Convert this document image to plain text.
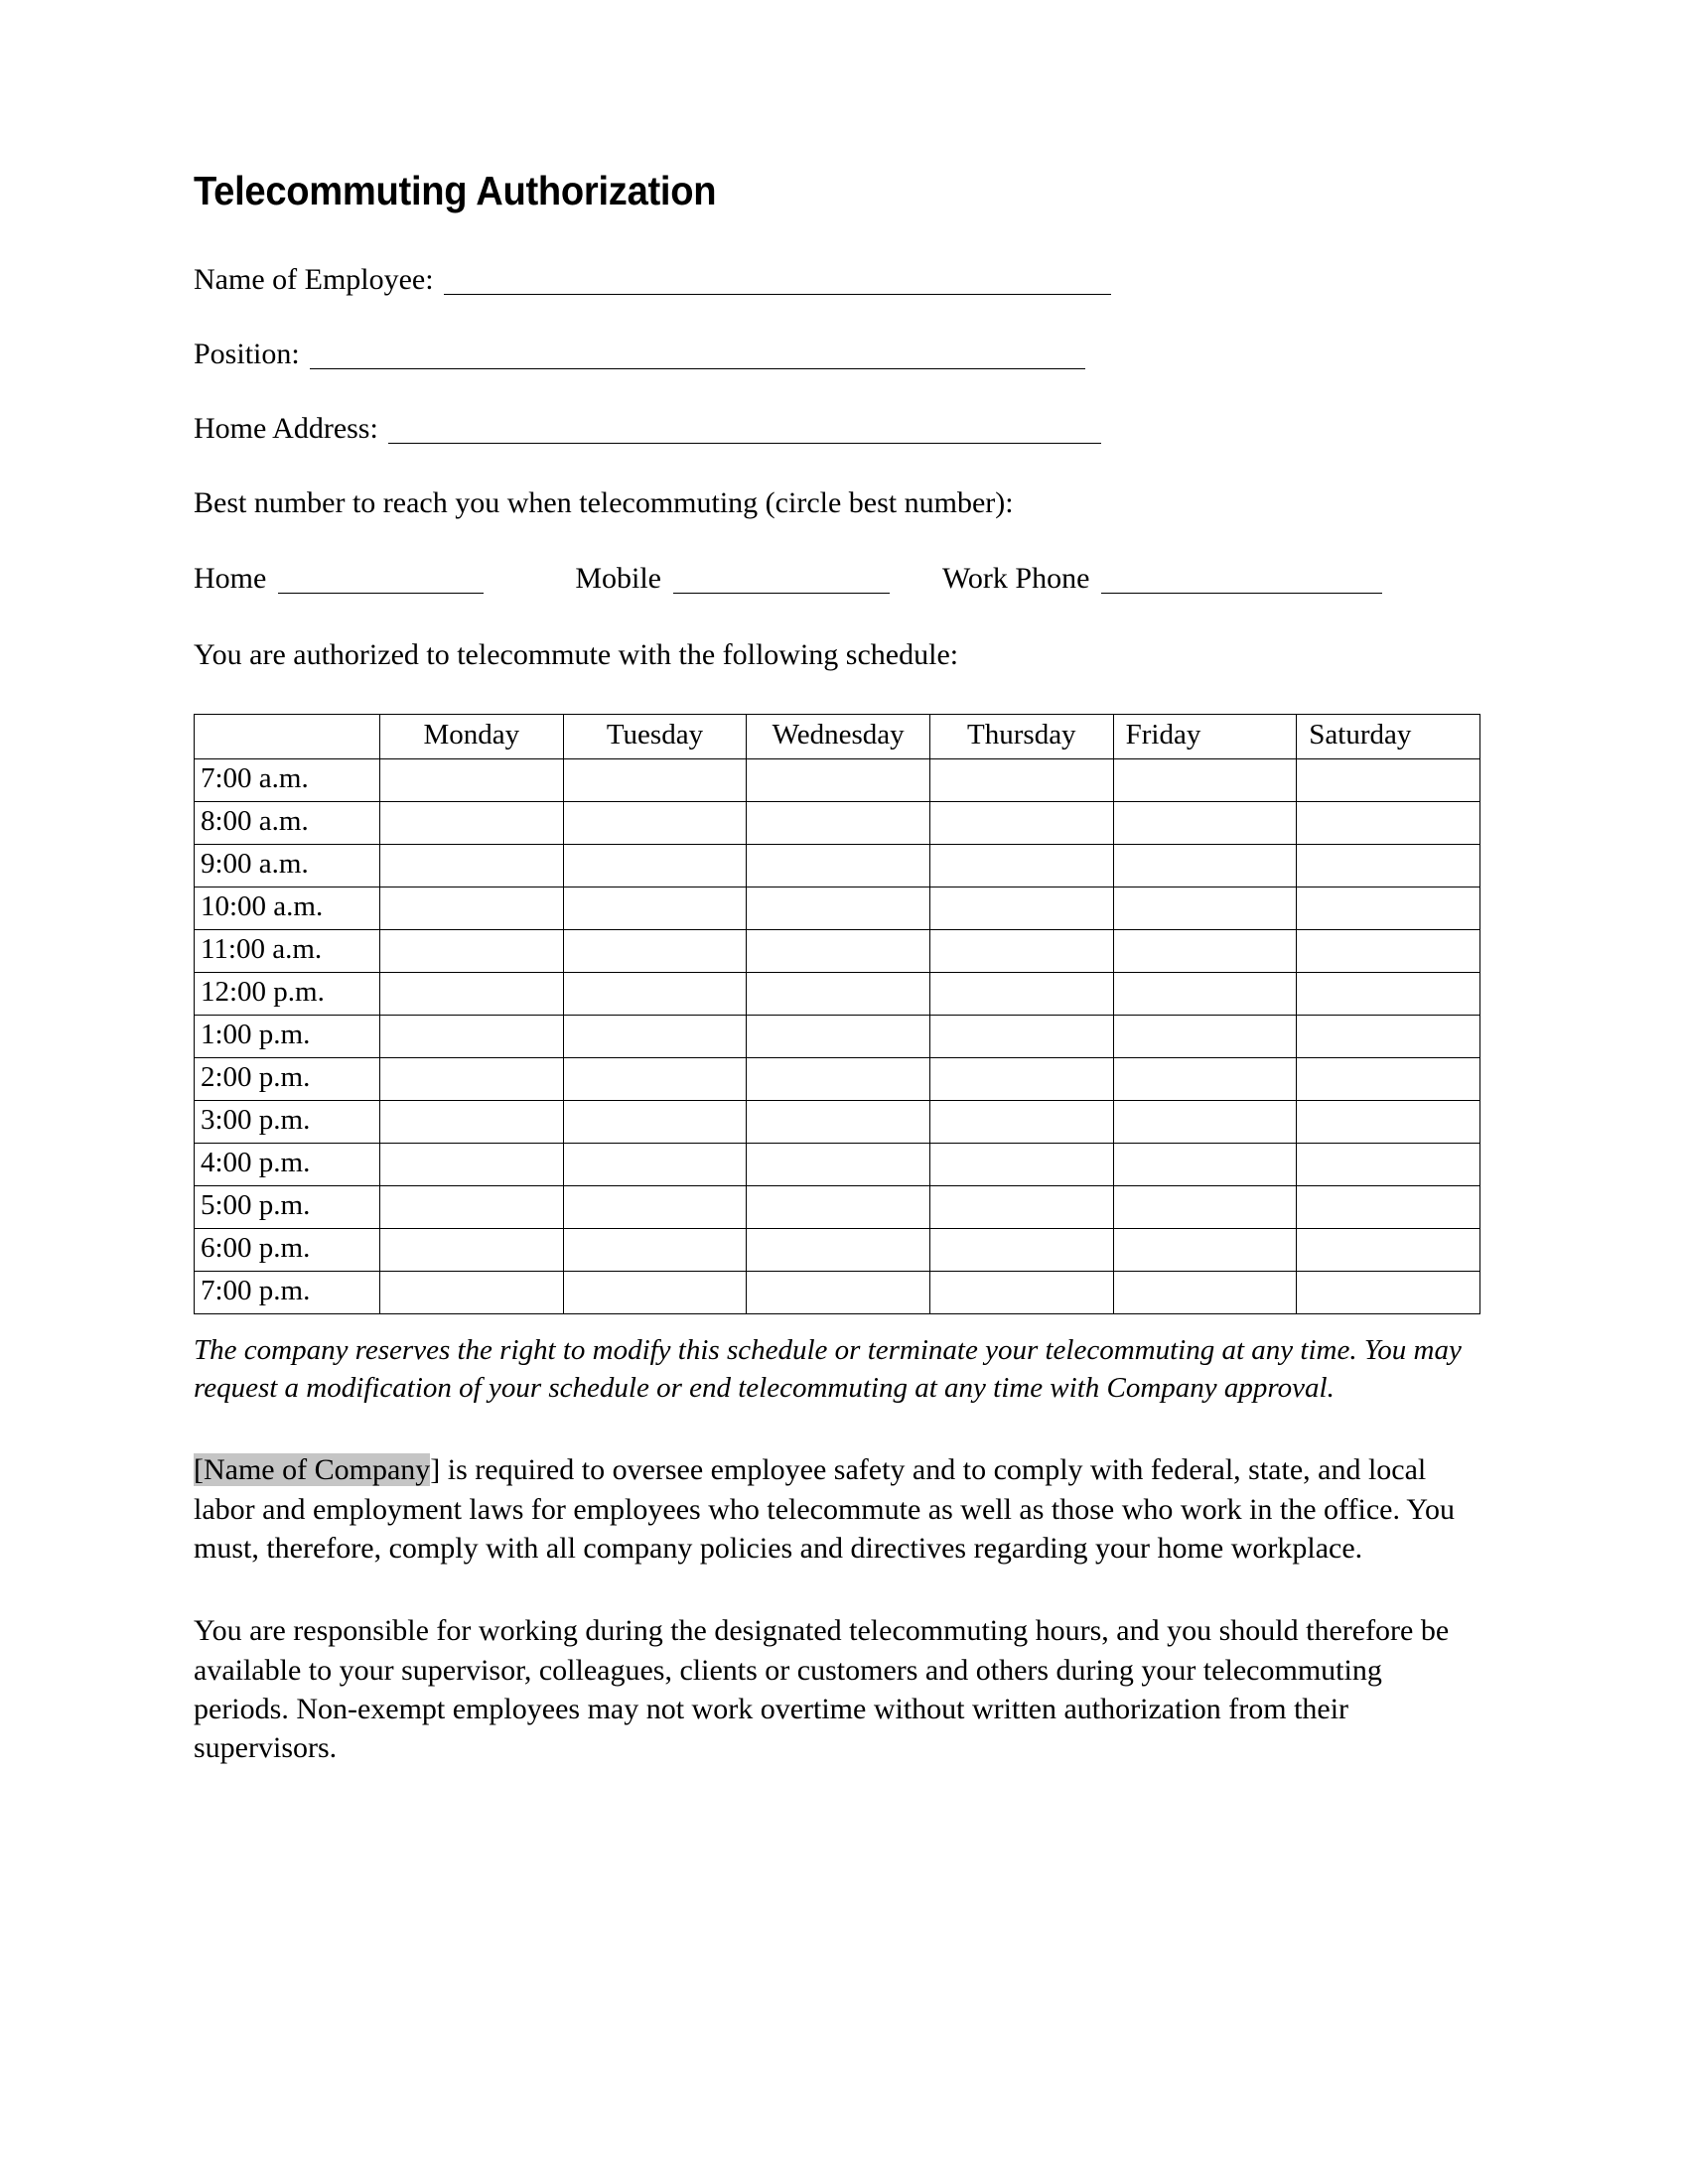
Telecommuting Authorization
Name of Employee:
Position:
Home Address:
Best number to reach you when telecommuting (circle best number):
Home	Mobile	Work Phone
You are authorized to telecommute with the following schedule:
	Monday	Tuesday	Wednesday	Thursday	Friday	Saturday
7:00 a.m.						
8:00 a.m.						
9:00 a.m.						
10:00 a.m.						
11:00 a.m.						
12:00 p.m.						
1:00 p.m.						
2:00 p.m.						
3:00 p.m.						
4:00 p.m.						
5:00 p.m.						
6:00 p.m.						
7:00 p.m.						
The company reserves the right to modify this schedule or terminate your telecommuting at any time. You may request a modification of your schedule or end telecommuting at any time with Company approval.
[Name of Company] is required to oversee employee safety and to comply with federal, state, and local labor and employment laws for employees who telecommute as well as those who work in the office. You must, therefore, comply with all company policies and directives regarding your home workplace.
You are responsible for working during the designated telecommuting hours, and you should therefore be available to your supervisor, colleagues, clients or customers and others during your telecommuting periods. Non-exempt employees may not work overtime without written authorization from their supervisors.
